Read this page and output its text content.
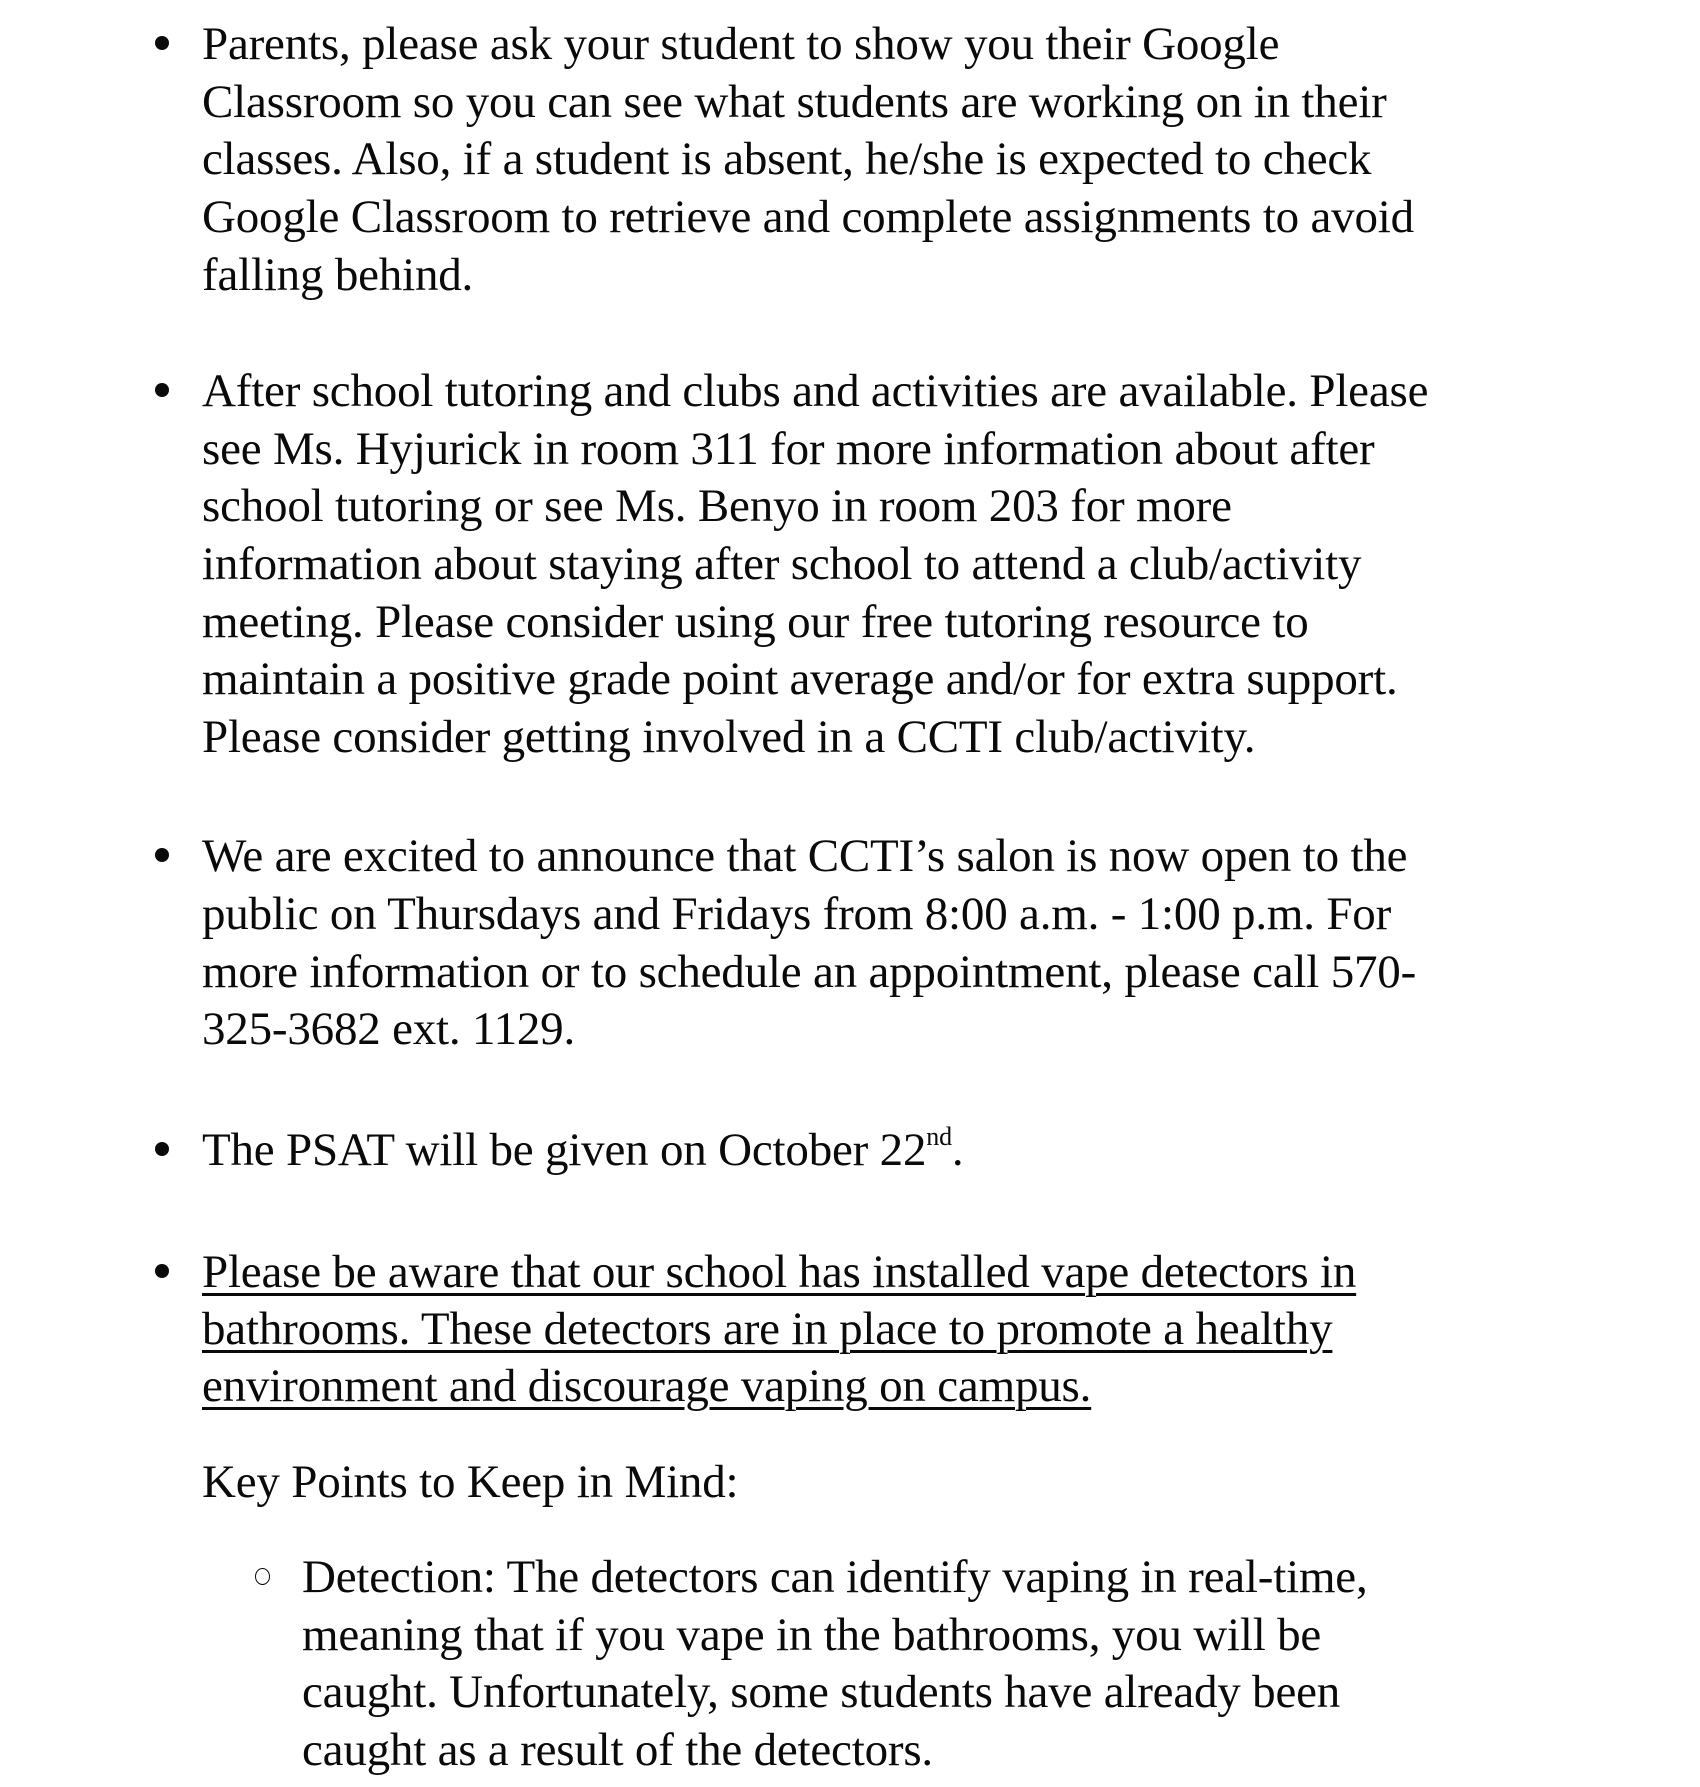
Parents, please ask your student to show you their Google
Classroom so you can see what students are working on in their
classes. Also, if a student is absent, he/she is expected to check
Google Classroom to retrieve and complete assignments to avoid
falling behind.
After school tutoring and clubs and activities are available. Please
see Ms. Hyjurick in room 311 for more information about after
school tutoring or see Ms. Benyo in room 203 for more
information about staying after school to attend a club/activity
meeting. Please consider using our free tutoring resource to
maintain a positive grade point average and/or for extra support.
Please consider getting involved in a CCTI club/activity.
We are excited to announce that CCTI’s salon is now open to the
public on Thursdays and Fridays from 8:00 a.m. - 1:00 p.m. For
more information or to schedule an appointment, please call 570-
325-3682 ext. 1129.
The PSAT will be given on October 22nd.
Please be aware that our school has installed vape detectors in
bathrooms. These detectors are in place to promote a healthy
environment and discourage vaping on campus.
Key Points to Keep in Mind:
Detection: The detectors can identify vaping in real-time,
meaning that if you vape in the bathrooms, you will be
caught. Unfortunately, some students have already been
caught as a result of the detectors.
